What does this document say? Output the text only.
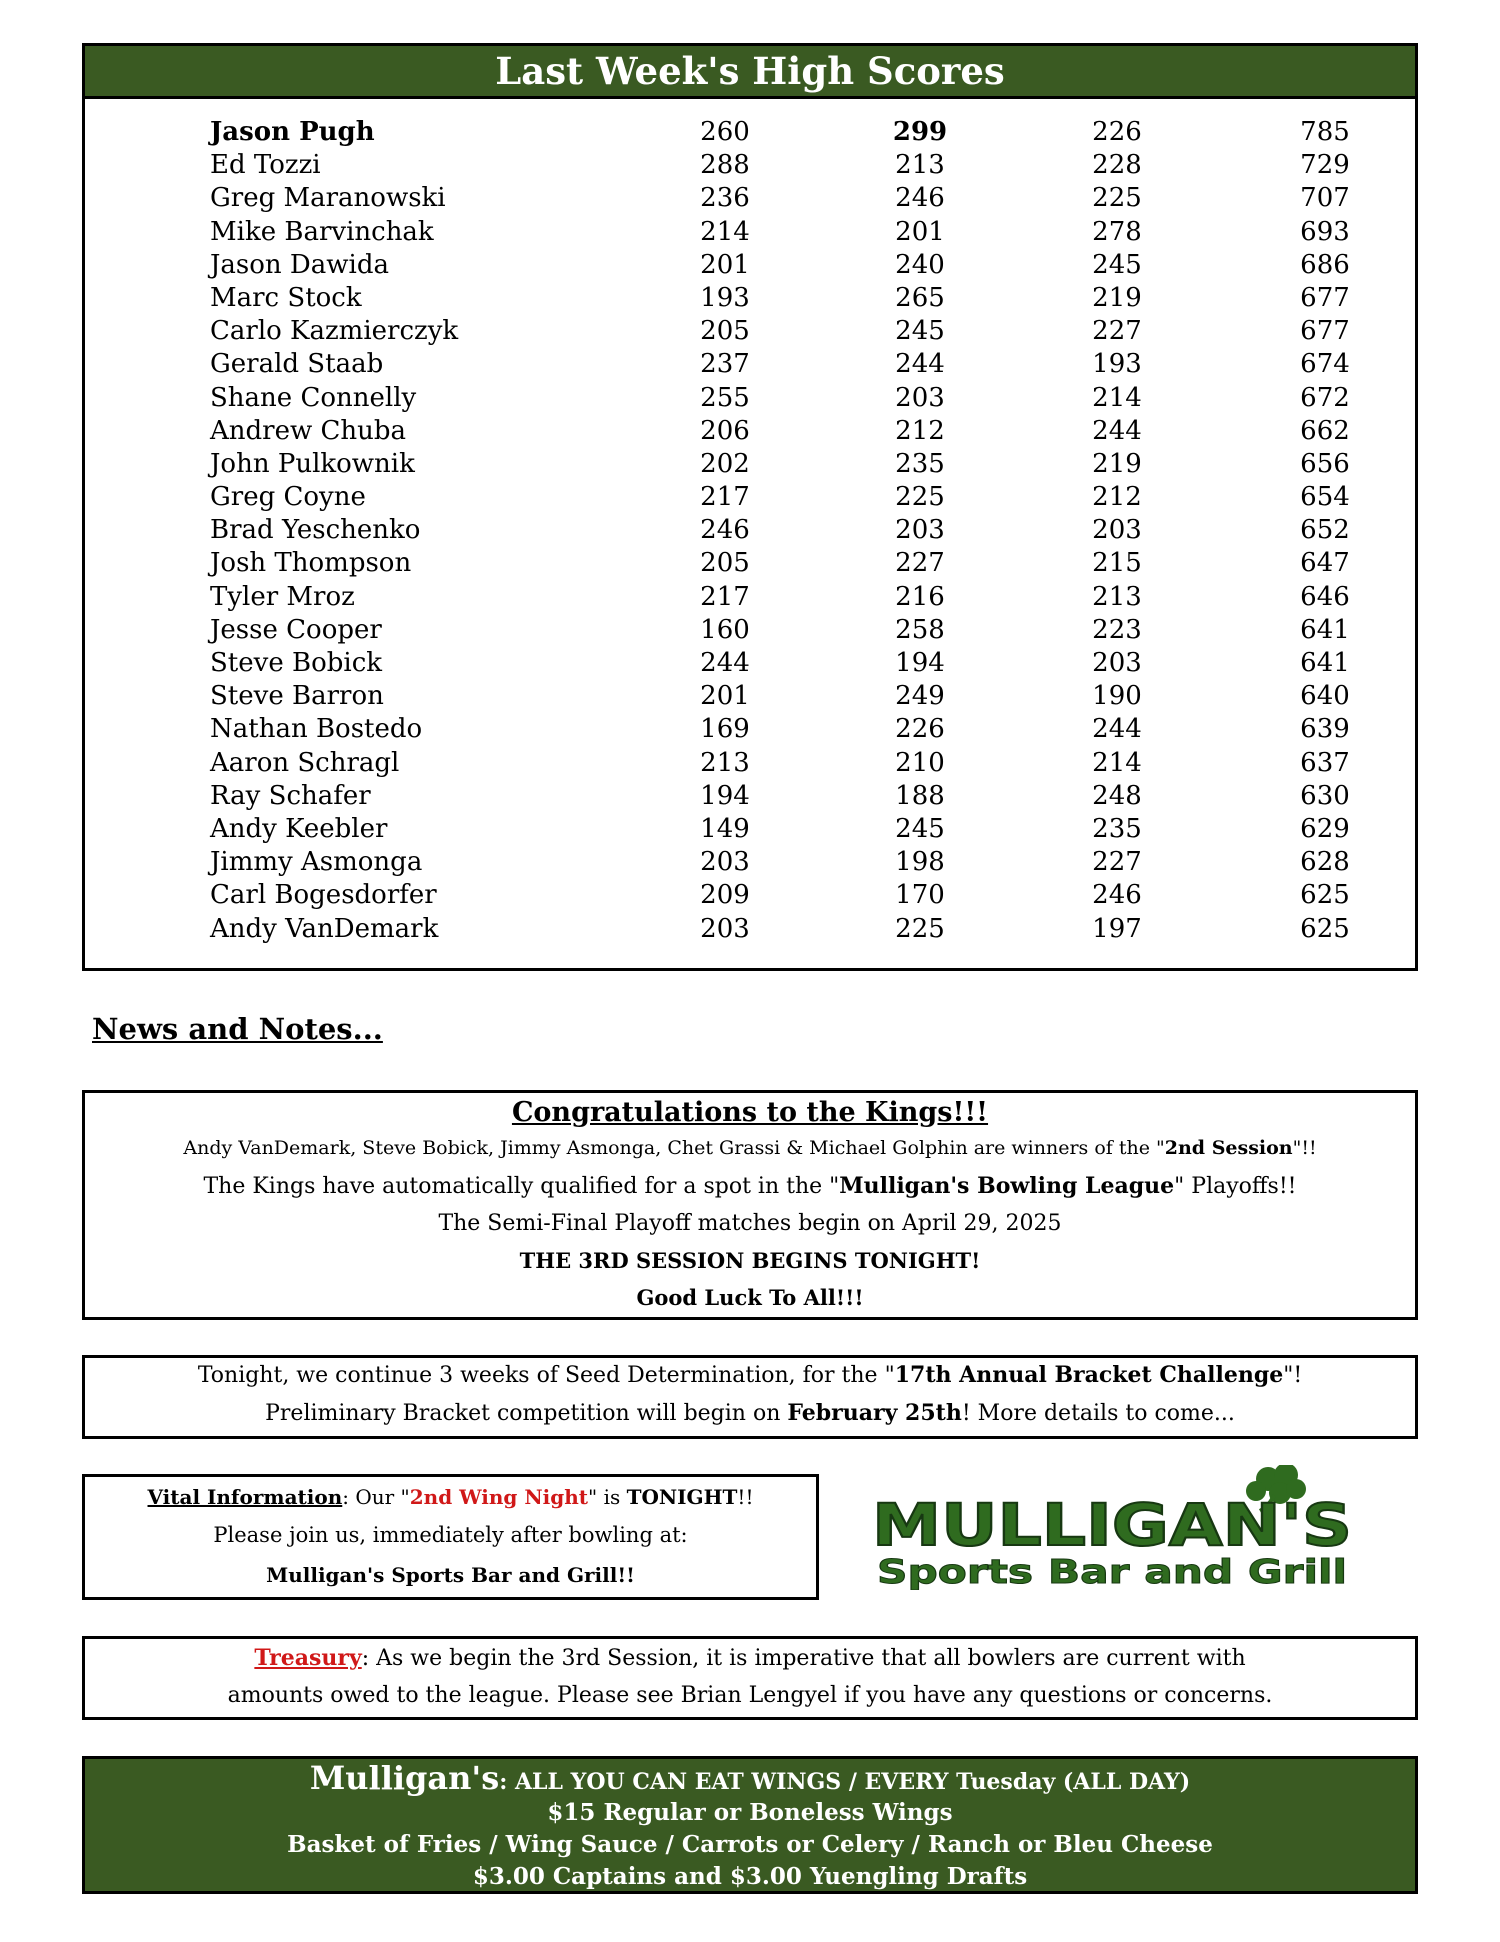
Last Week's High Scores
Jason Pugh	260	299	226	785
Ed Tozzi	288	213	228	729
Greg Maranowski	236	246	225	707
Mike Barvinchak	214	201	278	693
Jason Dawida	201	240	245	686
Marc Stock	193	265	219	677
Carlo Kazmierczyk	205	245	227	677
Gerald Staab	237	244	193	674
Shane Connelly	255	203	214	672
Andrew Chuba	206	212	244	662
John Pulkownik	202	235	219	656
Greg Coyne	217	225	212	654
Brad Yeschenko	246	203	203	652
Josh Thompson	205	227	215	647
Tyler Mroz	217	216	213	646
Jesse Cooper	160	258	223	641
Steve Bobick	244	194	203	641
Steve Barron	201	249	190	640
Nathan Bostedo	169	226	244	639
Aaron Schragl	213	210	214	637
Ray Schafer	194	188	248	630
Andy Keebler	149	245	235	629
Jimmy Asmonga	203	198	227	628
Carl Bogesdorfer	209	170	246	625
Andy VanDemark	203	225	197	625
News and Notes...
Congratulations to the Kings!!!
Andy VanDemark, Steve Bobick, Jimmy Asmonga, Chet Grassi & Michael Golphin are winners of the "2nd Session"!!
The Kings have automatically qualified for a spot in the "Mulligan's Bowling League" Playoffs!!
The Semi-Final Playoff matches begin on April 29, 2025
THE 3RD SESSION BEGINS TONIGHT!
Good Luck To All!!!
Tonight, we continue 3 weeks of Seed Determination, for the "17th Annual Bracket Challenge"!
Preliminary Bracket competition will begin on February 25th! More details to come...
Vital Information: Our "2nd Wing Night" is TONIGHT!!
Please join us, immediately after bowling at:
Mulligan's Sports Bar and Grill!!
MULLIGAN'S
Sports Bar and Grill
Treasury: As we begin the 3rd Session, it is imperative that all bowlers are current with
amounts owed to the league. Please see Brian Lengyel if you have any questions or concerns.
Mulligan's: ALL YOU CAN EAT WINGS / EVERY Tuesday (ALL DAY)
$15 Regular or Boneless Wings
Basket of Fries / Wing Sauce / Carrots or Celery / Ranch or Bleu Cheese
$3.00 Captains and $3.00 Yuengling Drafts
